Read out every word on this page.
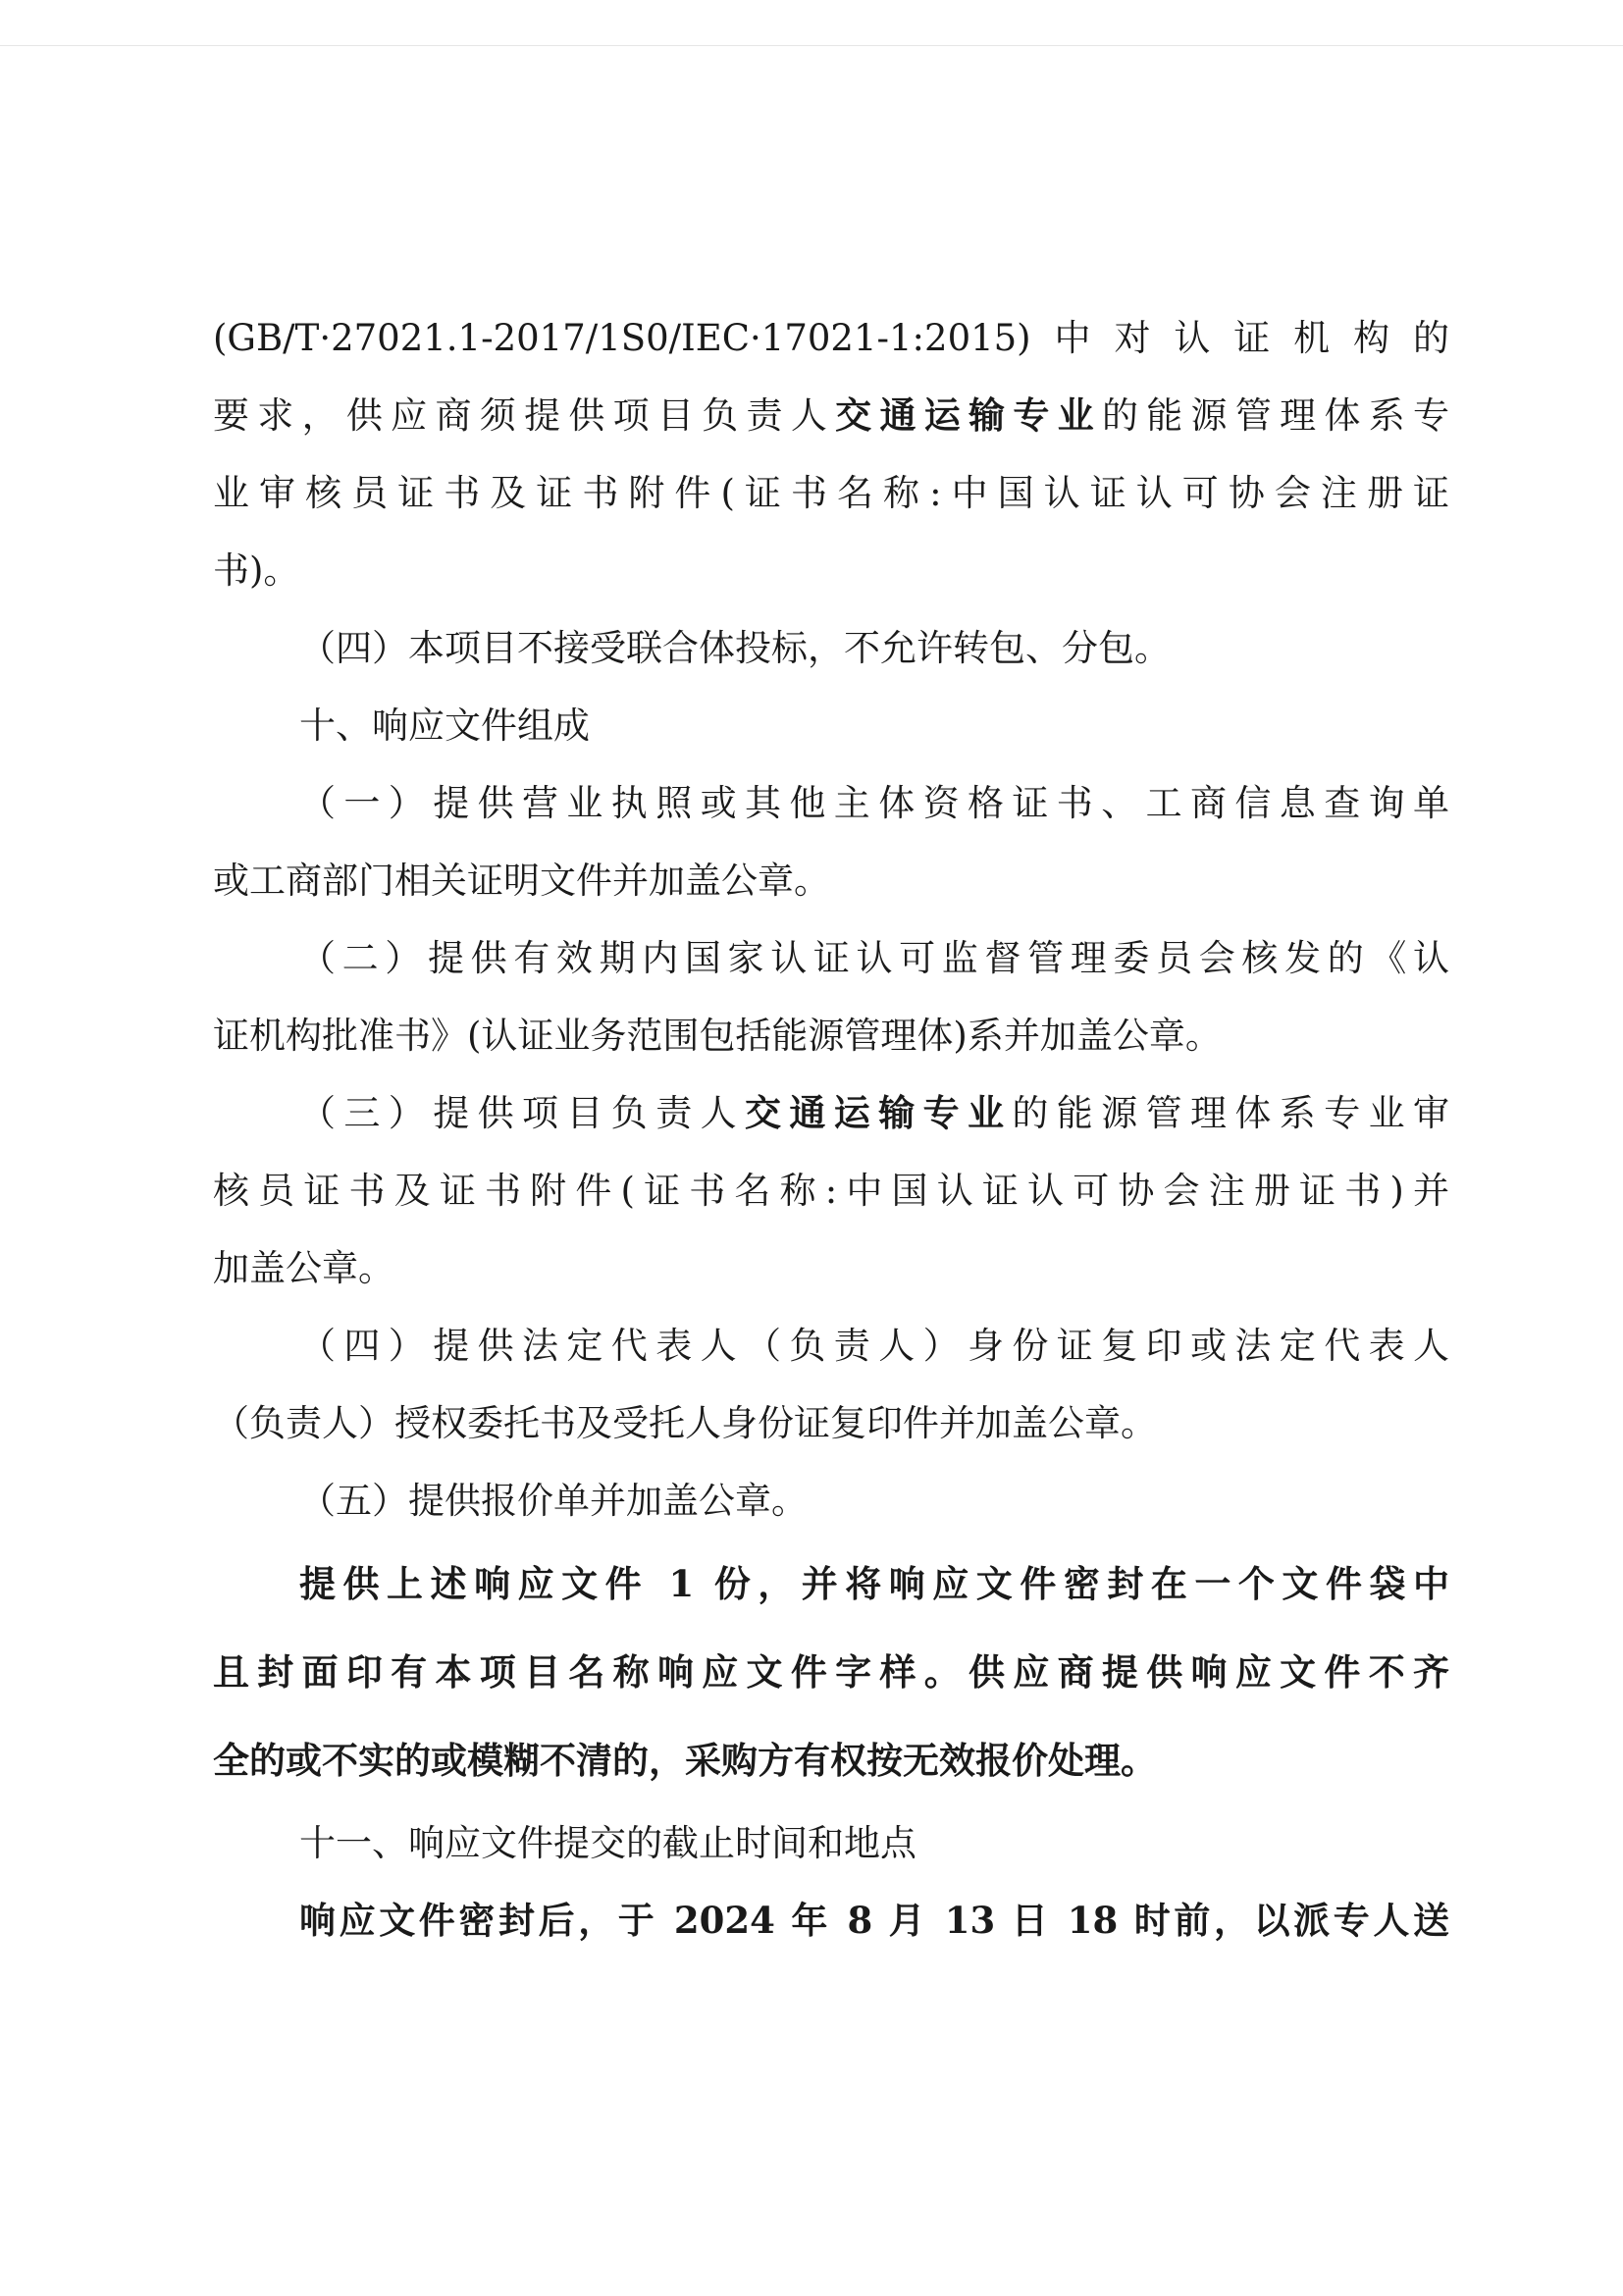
(GB/T·27021.1-2017/1S0/IEC·17021-1:2015)中对认证机构的
要求，供应商须提供项目负责人交通运输专业的能源管理体系专
业审核员证书及证书附件(证书名称:中国认证认可协会注册证
书)。
（四）本项目不接受联合体投标，不允许转包、分包。
十、响应文件组成
（一）提供营业执照或其他主体资格证书、工商信息查询单
或工商部门相关证明文件并加盖公章。
（二）提供有效期内国家认证认可监督管理委员会核发的《认
证机构批准书》(认证业务范围包括能源管理体)系并加盖公章。
（三）提供项目负责人交通运输专业的能源管理体系专业审
核员证书及证书附件(证书名称:中国认证认可协会注册证书)并
加盖公章。
（四）提供法定代表人（负责人）身份证复印或法定代表人
（负责人）授权委托书及受托人身份证复印件并加盖公章。
（五）提供报价单并加盖公章。
提供上述响应文件 1 份，并将响应文件密封在一个文件袋中
且封面印有本项目名称响应文件字样。供应商提供响应文件不齐
全的或不实的或模糊不清的，采购方有权按无效报价处理。
十一、响应文件提交的截止时间和地点
响应文件密封后，于 2024 年 8 月 13 日 18 时前，以派专人送
